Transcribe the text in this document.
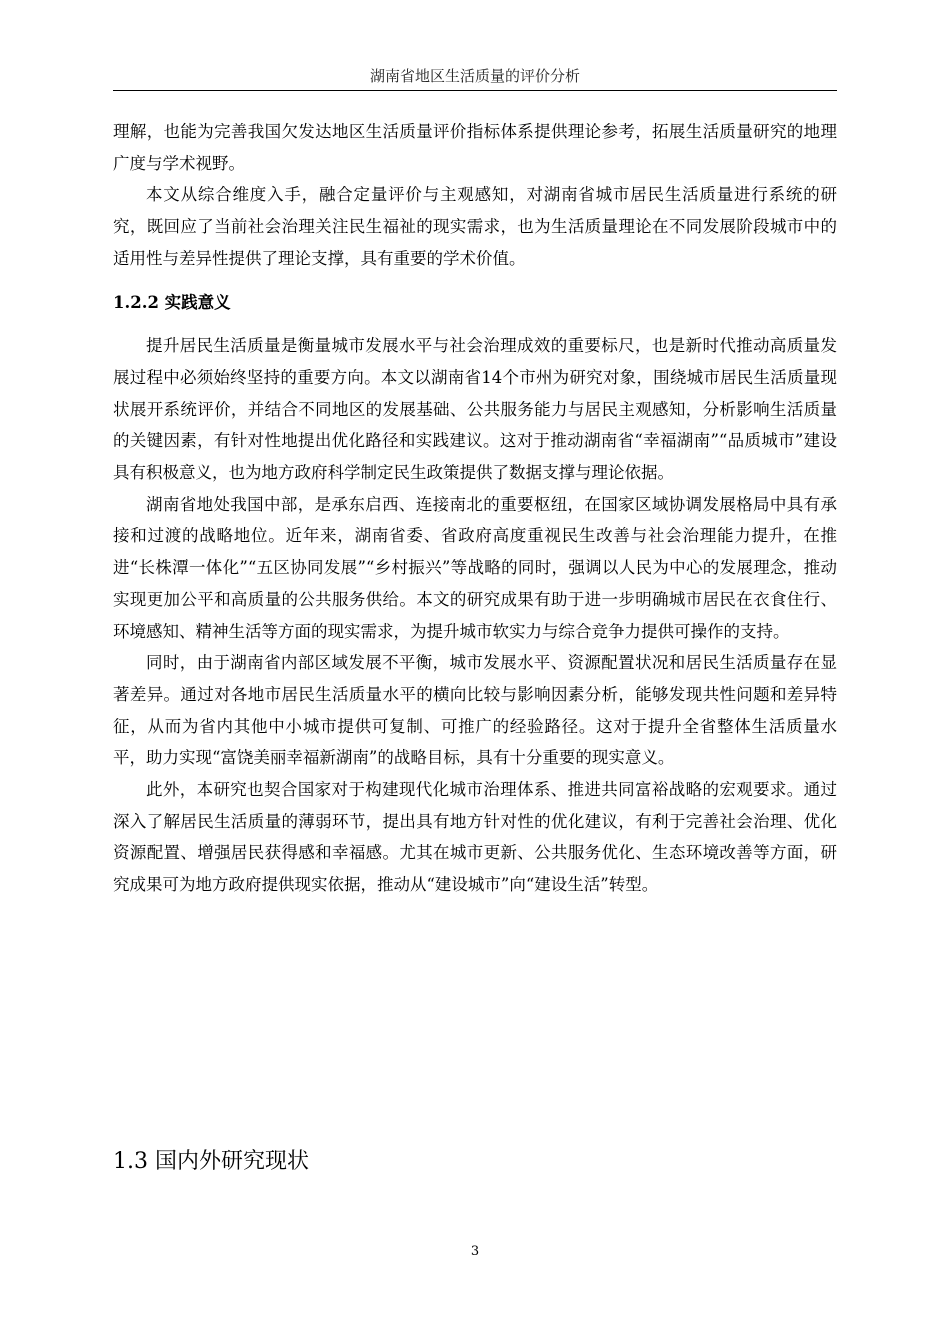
湖南省地区生活质量的评价分析

理解，也能为完善我国欠发达地区生活质量评价指标体系提供理论参考，拓展生活质量研究的地理广度与学术视野。

本文从综合维度入手，融合定量评价与主观感知，对湖南省城市居民生活质量进行系统的研究，既回应了当前社会治理关注民生福祉的现实需求，也为生活质量理论在不同发展阶段城市中的适用性与差异性提供了理论支撑，具有重要的学术价值。

1.2.2 实践意义

提升居民生活质量是衡量城市发展水平与社会治理成效的重要标尺，也是新时代推动高质量发展过程中必须始终坚持的重要方向。本文以湖南省14个市州为研究对象，围绕城市居民生活质量现状展开系统评价，并结合不同地区的发展基础、公共服务能力与居民主观感知，分析影响生活质量的关键因素，有针对性地提出优化路径和实践建议。这对于推动湖南省“幸福湖南”“品质城市”建设具有积极意义，也为地方政府科学制定民生政策提供了数据支撑与理论依据。

湖南省地处我国中部，是承东启西、连接南北的重要枢纽，在国家区域协调发展格局中具有承接和过渡的战略地位。近年来，湖南省委、省政府高度重视民生改善与社会治理能力提升，在推进“长株潭一体化”“五区协同发展”“乡村振兴”等战略的同时，强调以人民为中心的发展理念，推动实现更加公平和高质量的公共服务供给。本文的研究成果有助于进一步明确城市居民在衣食住行、环境感知、精神生活等方面的现实需求，为提升城市软实力与综合竞争力提供可操作的支持。

同时，由于湖南省内部区域发展不平衡，城市发展水平、资源配置状况和居民生活质量存在显著差异。通过对各地市居民生活质量水平的横向比较与影响因素分析，能够发现共性问题和差异特征，从而为省内其他中小城市提供可复制、可推广的经验路径。这对于提升全省整体生活质量水平，助力实现“富饶美丽幸福新湖南”的战略目标，具有十分重要的现实意义。

此外，本研究也契合国家对于构建现代化城市治理体系、推进共同富裕战略的宏观要求。通过深入了解居民生活质量的薄弱环节，提出具有地方针对性的优化建议，有利于完善社会治理、优化资源配置、增强居民获得感和幸福感。尤其在城市更新、公共服务优化、生态环境改善等方面，研究成果可为地方政府提供现实依据，推动从“建设城市”向“建设生活”转型。

1.3 国内外研究现状
3
